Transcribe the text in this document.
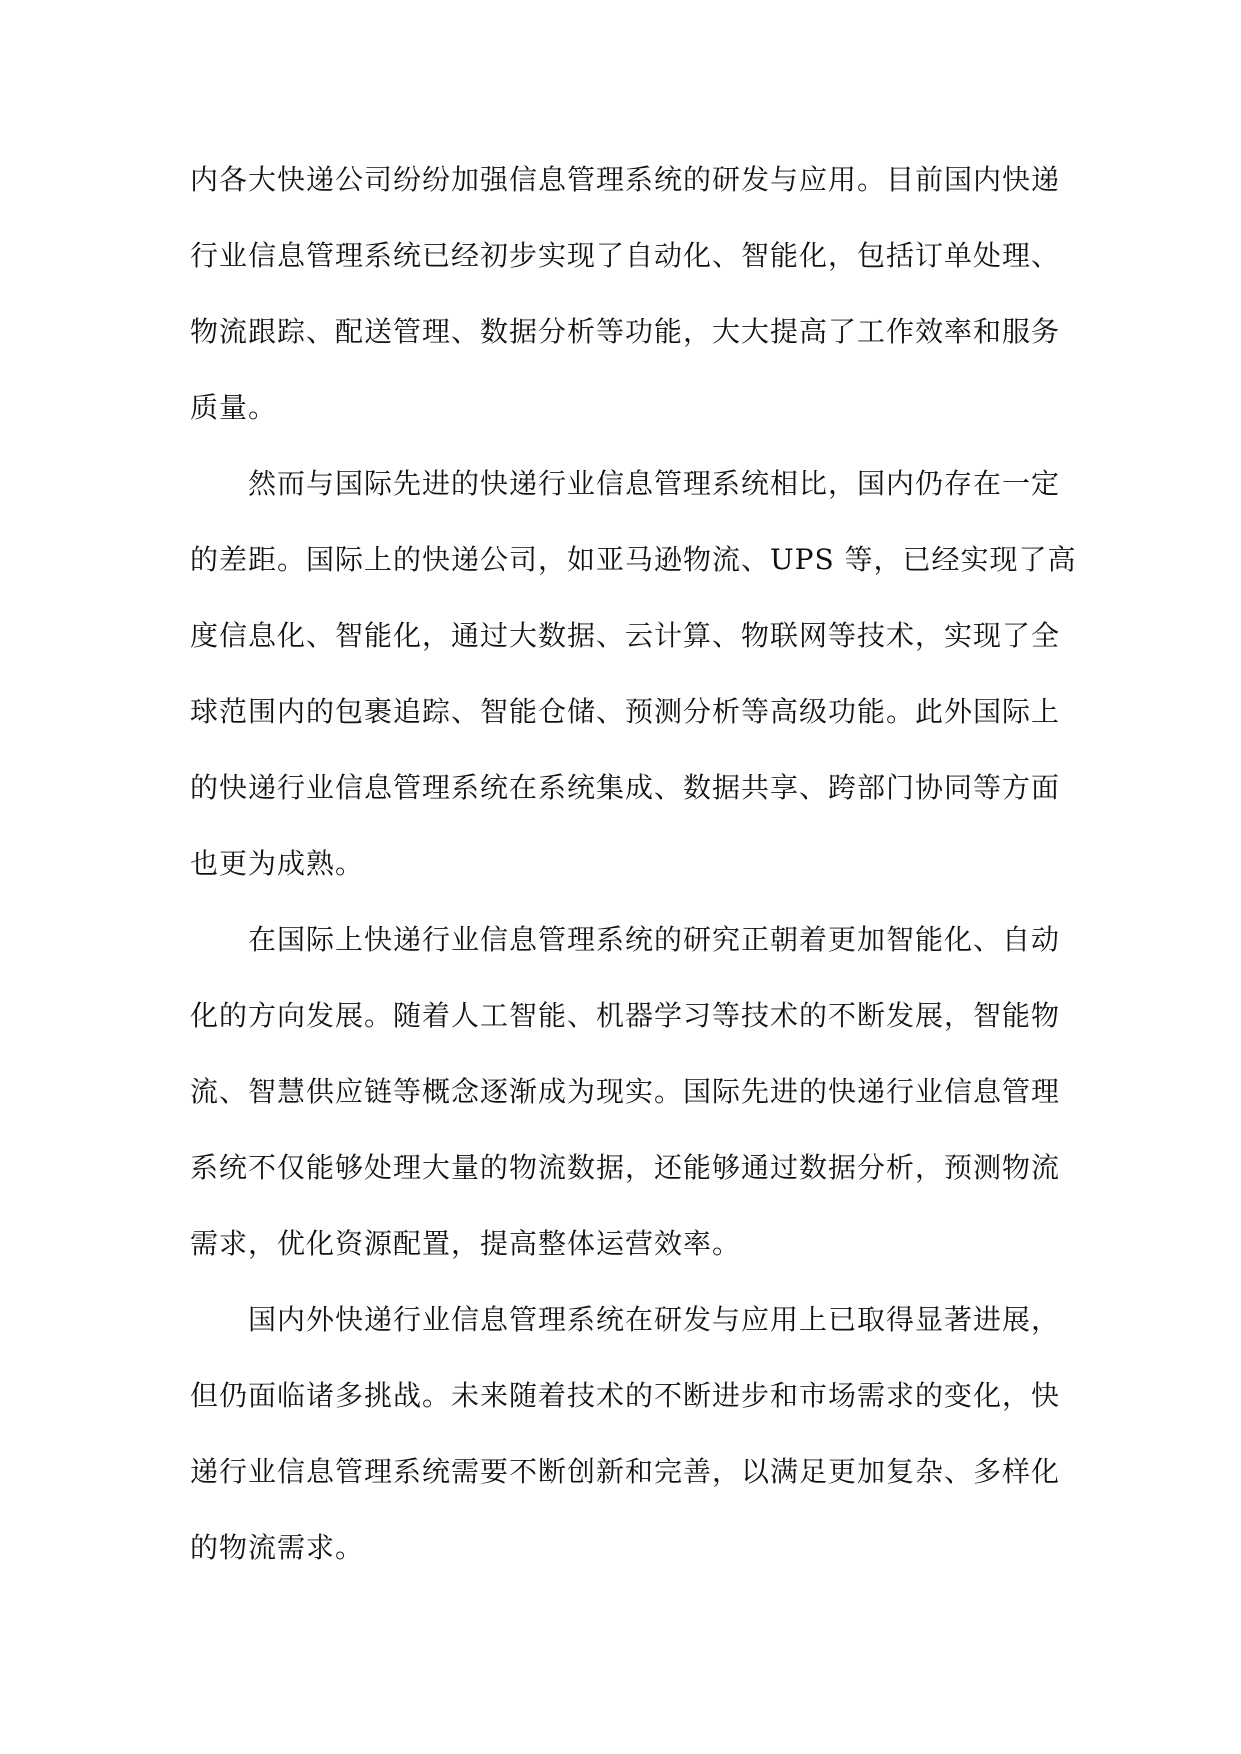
内各大快递公司纷纷加强信息管理系统的研发与应用。目前国内快递
行业信息管理系统已经初步实现了自动化、智能化，包括订单处理、
物流跟踪、配送管理、数据分析等功能，大大提高了工作效率和服务
质量。
然而与国际先进的快递行业信息管理系统相比，国内仍存在一定
的差距。国际上的快递公司，如亚马逊物流、UPS 等，已经实现了高
度信息化、智能化，通过大数据、云计算、物联网等技术，实现了全
球范围内的包裹追踪、智能仓储、预测分析等高级功能。此外国际上
的快递行业信息管理系统在系统集成、数据共享、跨部门协同等方面
也更为成熟。
在国际上快递行业信息管理系统的研究正朝着更加智能化、自动
化的方向发展。随着人工智能、机器学习等技术的不断发展，智能物
流、智慧供应链等概念逐渐成为现实。国际先进的快递行业信息管理
系统不仅能够处理大量的物流数据，还能够通过数据分析，预测物流
需求，优化资源配置，提高整体运营效率。
国内外快递行业信息管理系统在研发与应用上已取得显著进展，
但仍面临诸多挑战。未来随着技术的不断进步和市场需求的变化，快
递行业信息管理系统需要不断创新和完善，以满足更加复杂、多样化
的物流需求。
